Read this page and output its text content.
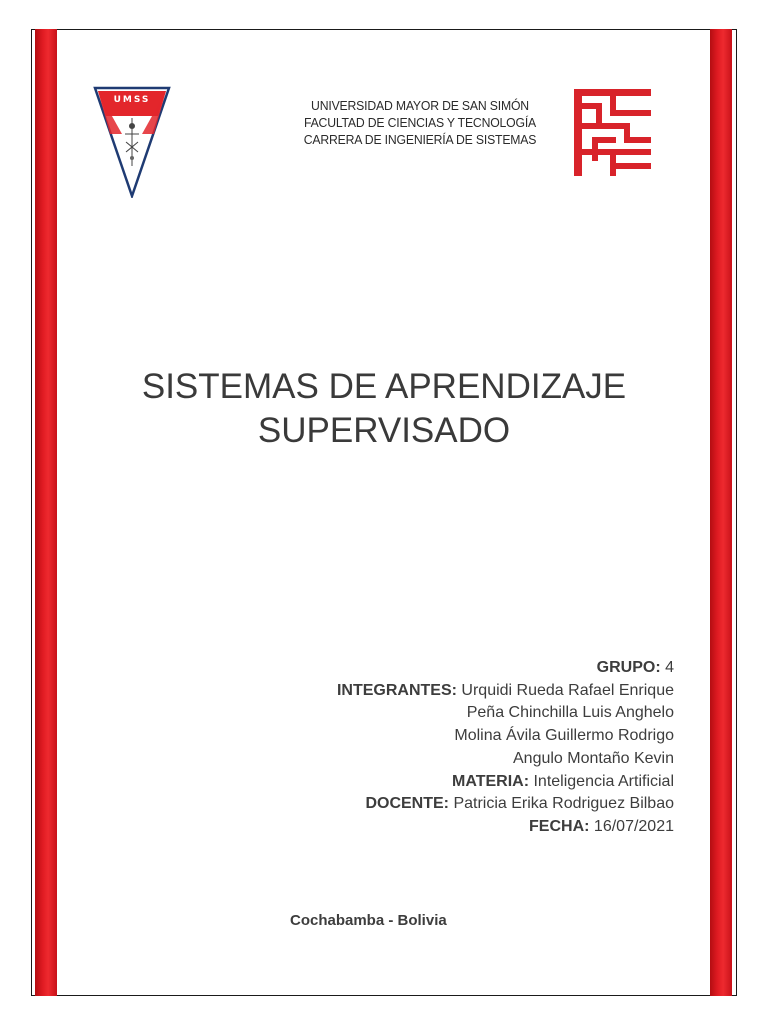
UMSS	UNIVERSIDAD MAYOR DE SAN SIMÓN
FACULTAD DE CIENCIAS Y TECNOLOGÍA
CARRERA DE INGENIERÍA DE SISTEMAS
SISTEMAS DE APRENDIZAJE
SUPERVISADO
GRUPO: 4
INTEGRANTES: Urquidi Rueda Rafael Enrique
Peña Chinchilla Luis Anghelo
Molina Ávila Guillermo Rodrigo
Angulo Montaño Kevin
MATERIA: Inteligencia Artificial
DOCENTE: Patricia Erika Rodriguez Bilbao
FECHA: 16/07/2021
Cochabamba - Bolivia
